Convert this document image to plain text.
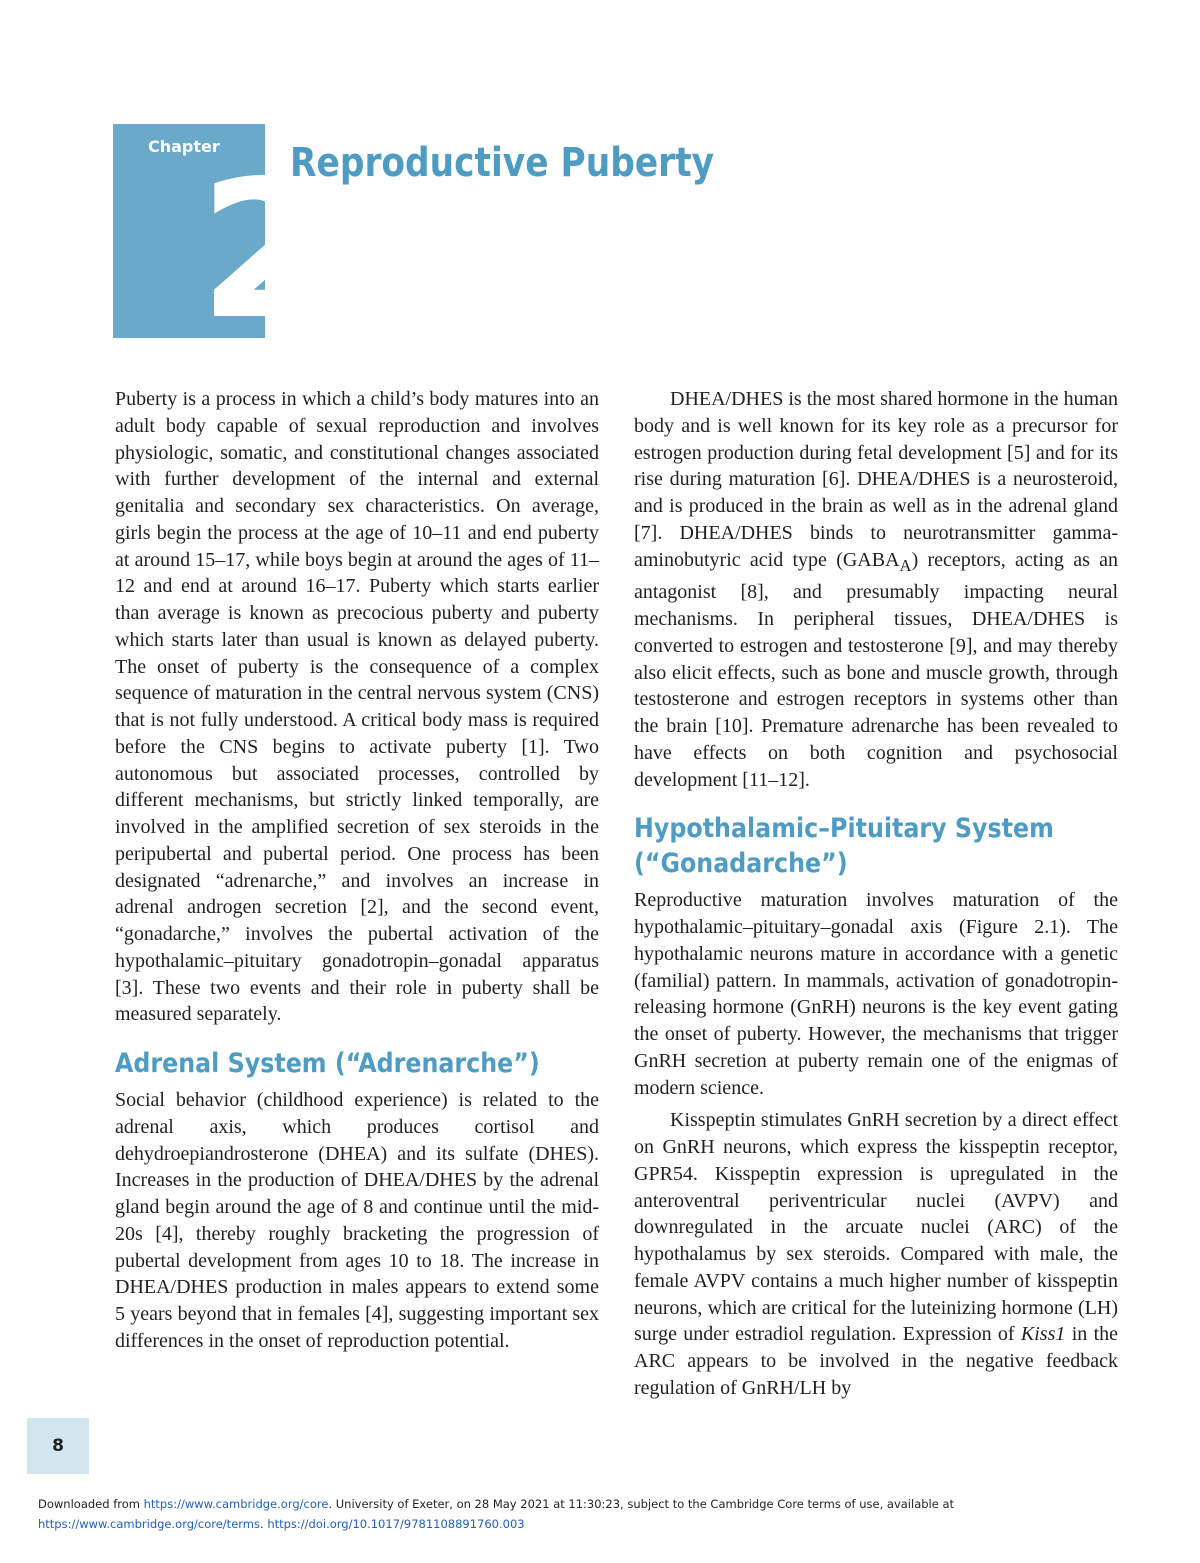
Chapter
2
Reproductive Puberty

Puberty is a process in which a child’s body matures into an adult body capable of sexual reproduction and involves physiologic, somatic, and constitutional changes associated with further development of the internal and external genitalia and secondary sex characteristics. On average, girls begin the process at the age of 10–11 and end puberty at around 15–17, while boys begin at around the ages of 11–12 and end at around 16–17. Puberty which starts earlier than average is known as precocious puberty and puberty which starts later than usual is known as delayed puberty. The onset of puberty is the consequence of a complex sequence of maturation in the central nervous system (CNS) that is not fully understood. A critical body mass is required before the CNS begins to activate puberty [1]. Two autonomous but associated processes, controlled by different mechanisms, but strictly linked temporally, are involved in the amplified secretion of sex steroids in the peripubertal and pubertal period. One process has been designated “adrenarche,” and involves an increase in adrenal androgen secretion [2], and the second event, “gonadarche,” involves the pubertal activation of the hypothalamic–pituitary gonadotropin–gonadal apparatus [3]. These two events and their role in puberty shall be measured separately.

Adrenal System (“Adrenarche”)

Social behavior (childhood experience) is related to the adrenal axis, which produces cortisol and dehydroepiandrosterone (DHEA) and its sulfate (DHES). Increases in the production of DHEA/DHES by the adrenal gland begin around the age of 8 and continue until the mid-20s [4], thereby roughly bracketing the progression of pubertal development from ages 10 to 18. The increase in DHEA/DHES production in males appears to extend some 5 years beyond that in females [4], suggesting important sex differences in the onset of reproduction potential.

DHEA/DHES is the most shared hormone in the human body and is well known for its key role as a precursor for estrogen production during fetal development [5] and for its rise during maturation [6]. DHEA/DHES is a neurosteroid, and is produced in the brain as well as in the adrenal gland [7]. DHEA/DHES binds to neurotransmitter gamma-aminobutyric acid type $(GABA_A)$ receptors, acting as an antagonist [8], and presumably impacting neural mechanisms. In peripheral tissues, DHEA/DHES is converted to estrogen and testosterone [9], and may thereby also elicit effects, such as bone and muscle growth, through testosterone and estrogen receptors in systems other than the brain [10]. Premature adrenarche has been revealed to have effects on both cognition and psychosocial development [11–12].

Hypothalamic–Pituitary System
(“Gonadarche”)

Reproductive maturation involves maturation of the hypothalamic–pituitary–gonadal axis (Figure 2.1). The hypothalamic neurons mature in accordance with a genetic (familial) pattern. In mammals, activation of gonadotropin-releasing hormone (GnRH) neurons is the key event gating the onset of puberty. However, the mechanisms that trigger GnRH secretion at puberty remain one of the enigmas of modern science.

Kisspeptin stimulates GnRH secretion by a direct effect on GnRH neurons, which express the kisspeptin receptor, GPR54. Kisspeptin expression is upregulated in the anteroventral periventricular nuclei (AVPV) and downregulated in the arcuate nuclei (ARC) of the hypothalamus by sex steroids. Compared with male, the female AVPV contains a much higher number of kisspeptin neurons, which are critical for the luteinizing hormone (LH) surge under estradiol regulation. Expression of Kiss1 in the ARC appears to be involved in the negative feedback regulation of GnRH/LH by

8
Downloaded from https://www.cambridge.org/core. University of Exeter, on 28 May 2021 at 11:30:23, subject to the Cambridge Core terms of use, available at
https://www.cambridge.org/core/terms. https://doi.org/10.1017/9781108891760.003
